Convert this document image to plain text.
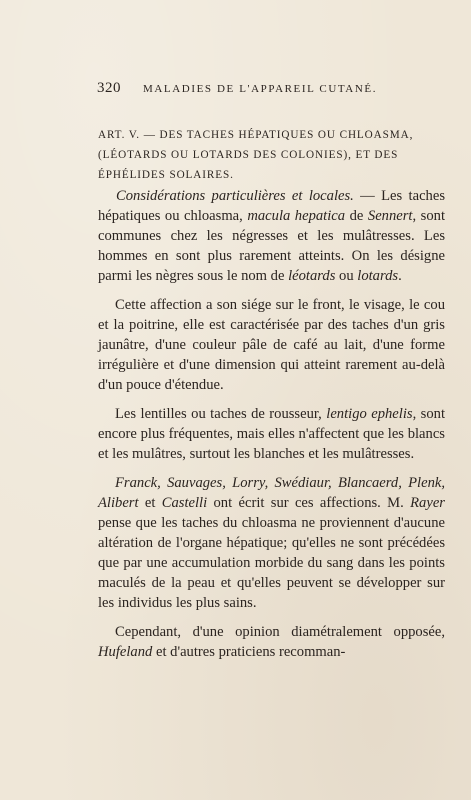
320 MALADIES DE L'APPAREIL CUTANÉ.
ART. V. — DES TACHES HÉPATIQUES OU CHLOASMA,
(LÉOTARDS OU LOTARDS DES COLONIES), ET DES
ÉPHÉLIDES SOLAIRES.

Considérations particulières et locales. — Les taches hépatiques ou chloasma, macula hepatica de Sennert, sont communes chez les négresses et les mulâtresses. Les hommes en sont plus rarement atteints. On les désigne parmi les nègres sous le nom de léotards ou lotards.

Cette affection a son siége sur le front, le visage, le cou et la poitrine, elle est caractérisée par des taches d'un gris jaunâtre, d'une couleur pâle de café au lait, d'une forme irrégulière et d'une dimension qui atteint rarement au-delà d'un pouce d'étendue.

Les lentilles ou taches de rousseur, lentigo ephelis, sont encore plus fréquentes, mais elles n'affectent que les blancs et les mulâtres, surtout les blanches et les mulâtresses.

Franck, Sauvages, Lorry, Swédiaur, Blancaerd, Plenk, Alibert et Castelli ont écrit sur ces affections. M. Rayer pense que les taches du chloasma ne proviennent d'aucune altération de l'organe hépatique; qu'elles ne sont précédées que par une accumulation morbide du sang dans les points maculés de la peau et qu'elles peuvent se développer sur les individus les plus sains.

Cependant, d'une opinion diamétralement opposée, Hufeland et d'autres praticiens recomman-
